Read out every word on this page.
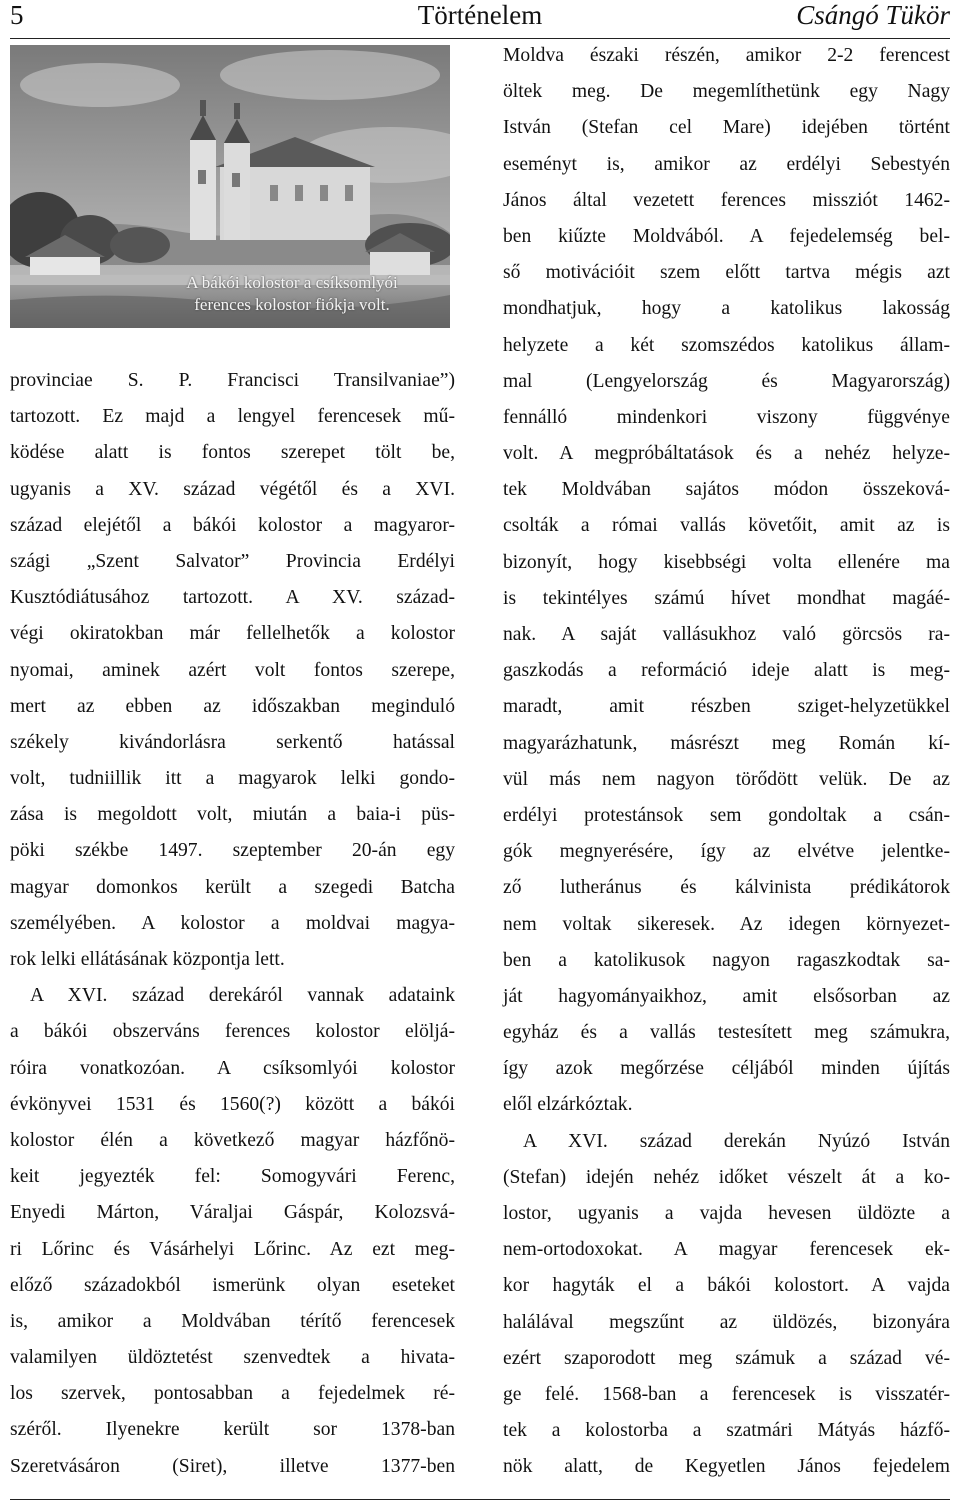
5	Történelem	Csángó Tükör
A bákói kolostor a csíksomlyói
ferences kolostor fiókja volt.
provinciae S. P. Francisci Transilvaniae”)
tartozott. Ez majd a lengyel ferencesek mű-
ködése alatt is fontos szerepet tölt be,
ugyanis a XV. század végétől és a XVI.
század elejétől a bákói kolostor a magyaror-
szági „Szent Salvator” Provincia Erdélyi
Kusztódiátusához tartozott. A XV. század-
végi okiratokban már fellelhetők a kolostor
nyomai, aminek azért volt fontos szerepe,
mert az ebben az időszakban meginduló
székely kivándorlásra serkentő hatással
volt, tudniillik itt a magyarok lelki gondo-
zása is megoldott volt, miután a baia-i püs-
pöki székbe 1497. szeptember 20-án egy
magyar domonkos került a szegedi Batcha
személyében. A kolostor a moldvai magya-
rok lelki ellátásának központja lett.
A XVI. század derekáról vannak adataink
a bákói obszerváns ferences kolostor elöljá-
róira vonatkozóan. A csíksomlyói kolostor
évkönyvei 1531 és 1560(?) között a bákói
kolostor élén a következő magyar házfőnö-
keit jegyezték fel: Somogyvári Ferenc,
Enyedi Márton, Váraljai Gáspár, Kolozsvá-
ri Lőrinc és Vásárhelyi Lőrinc. Az ezt meg-
előző századokból ismerünk olyan eseteket
is, amikor a Moldvában térítő ferencesek
valamilyen üldöztetést szenvedtek a hivata-
los szervek, pontosabban a fejedelmek ré-
széről. Ilyenekre került sor 1378-ban
Szeretvásáron (Siret), illetve 1377-ben
Moldva északi részén, amikor 2-2 ferencest
öltek meg. De megemlíthetünk egy Nagy
István (Stefan cel Mare) idejében történt
eseményt is, amikor az erdélyi Sebestyén
János által vezetett ferences missziót 1462-
ben kiűzte Moldvából. A fejedelemség bel-
ső motivációit szem előtt tartva mégis azt
mondhatjuk, hogy a katolikus lakosság
helyzete a két szomszédos katolikus állam-
mal (Lengyelország és Magyarország)
fennálló mindenkori viszony függvénye
volt. A megpróbáltatások és a nehéz helyze-
tek Moldvában sajátos módon összeková-
csolták a római vallás követőit, amit az is
bizonyít, hogy kisebbségi volta ellenére ma
is tekintélyes számú hívet mondhat magáé-
nak. A saját vallásukhoz való görcsös ra-
gaszkodás a reformáció ideje alatt is meg-
maradt, amit részben sziget-helyzetükkel
magyarázhatunk, másrészt meg Román kí-
vül más nem nagyon törődött velük. De az
erdélyi protestánsok sem gondoltak a csán-
gók megnyerésére, így az elvétve jelentke-
ző lutheránus és kálvinista prédikátorok
nem voltak sikeresek. Az idegen környezet-
ben a katolikusok nagyon ragaszkodtak sa-
ját hagyományaikhoz, amit elsősorban az
egyház és a vallás testesített meg számukra,
így azok megőrzése céljából minden újítás
elől elzárkóztak.
A XVI. század derekán Nyúzó István
(Stefan) idején nehéz időket vészelt át a ko-
lostor, ugyanis a vajda hevesen üldözte a
nem-ortodoxokat. A magyar ferencesek ek-
kor hagyták el a bákói kolostort. A vajda
halálával megszűnt az üldözés, bizonyára
ezért szaporodott meg számuk a század vé-
ge felé. 1568-ban a ferencesek is visszatér-
tek a kolostorba a szatmári Mátyás házfő-
nök alatt, de Kegyetlen János fejedelem
